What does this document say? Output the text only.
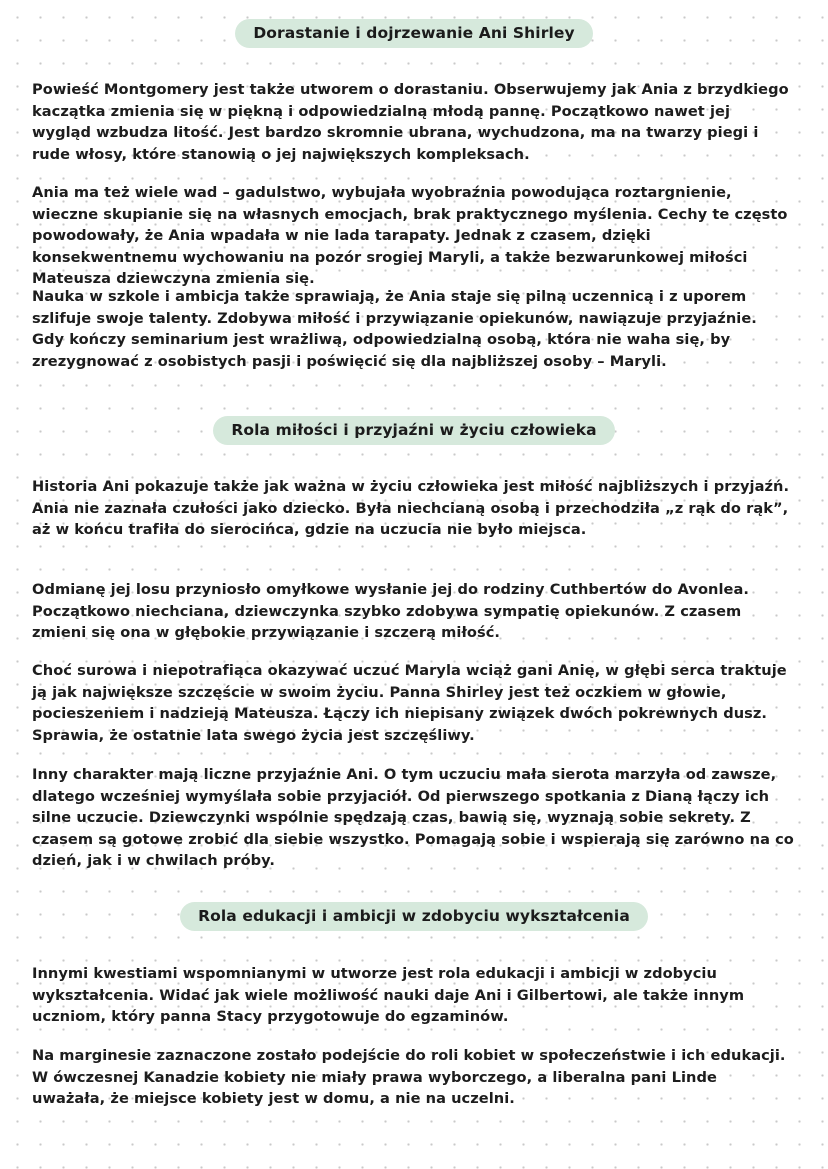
Dorastanie i dojrzewanie Ani Shirley

Powieść Montgomery jest także utworem o dorastaniu. Obserwujemy jak Ania z brzydkiego kaczątka zmienia się w piękną i odpowiedzialną młodą pannę. Początkowo nawet jej wygląd wzbudza litość. Jest bardzo skromnie ubrana, wychudzona, ma na twarzy piegi i rude włosy, które stanowią o jej największych kompleksach.

Ania ma też wiele wad – gadulstwo, wybujała wyobraźnia powodująca roztargnienie, wieczne skupianie się na własnych emocjach, brak praktycznego myślenia. Cechy te często powodowały, że Ania wpadała w nie lada tarapaty. Jednak z czasem, dzięki konsekwentnemu wychowaniu na pozór srogiej Maryli, a także bezwarunkowej miłości Mateusza dziewczyna zmienia się.

Nauka w szkole i ambicja także sprawiają, że Ania staje się pilną uczennicą i z uporem szlifuje swoje talenty. Zdobywa miłość i przywiązanie opiekunów, nawiązuje przyjaźnie. Gdy kończy seminarium jest wrażliwą, odpowiedzialną osobą, która nie waha się, by zrezygnować z osobistych pasji i poświęcić się dla najbliższej osoby – Maryli.

Rola miłości i przyjaźni w życiu człowieka

Historia Ani pokazuje także jak ważna w życiu człowieka jest miłość najbliższych i przyjaźń. Ania nie zaznała czułości jako dziecko. Była niechcianą osobą i przechodziła „z rąk do rąk”, aż w końcu trafiła do sierocińca, gdzie na uczucia nie było miejsca.

Odmianę jej losu przyniosło omyłkowe wysłanie jej do rodziny Cuthbertów do Avonlea. Początkowo niechciana, dziewczynka szybko zdobywa sympatię opiekunów. Z czasem zmieni się ona w głębokie przywiązanie i szczerą miłość.

Choć surowa i niepotrafiąca okazywać uczuć Maryla wciąż gani Anię, w głębi serca traktuje ją jak największe szczęście w swoim życiu. Panna Shirley jest też oczkiem w głowie, pocieszeniem i nadzieją Mateusza. Łączy ich niepisany związek dwóch pokrewnych dusz. Sprawia, że ostatnie lata swego życia jest szczęśliwy.

Inny charakter mają liczne przyjaźnie Ani. O tym uczuciu mała sierota marzyła od zawsze, dlatego wcześniej wymyślała sobie przyjaciół. Od pierwszego spotkania z Dianą łączy ich silne uczucie. Dziewczynki wspólnie spędzają czas, bawią się, wyznają sobie sekrety. Z czasem są gotowe zrobić dla siebie wszystko. Pomagają sobie i wspierają się zarówno na co dzień, jak i w chwilach próby.

Rola edukacji i ambicji w zdobyciu wykształcenia

Innymi kwestiami wspomnianymi w utworze jest rola edukacji i ambicji w zdobyciu wykształcenia. Widać jak wiele możliwość nauki daje Ani i Gilbertowi, ale także innym uczniom, który panna Stacy przygotowuje do egzaminów.

Na marginesie zaznaczone zostało podejście do roli kobiet w społeczeństwie i ich edukacji. W ówczesnej Kanadzie kobiety nie miały prawa wyborczego, a liberalna pani Linde uważała, że miejsce kobiety jest w domu, a nie na uczelni.
